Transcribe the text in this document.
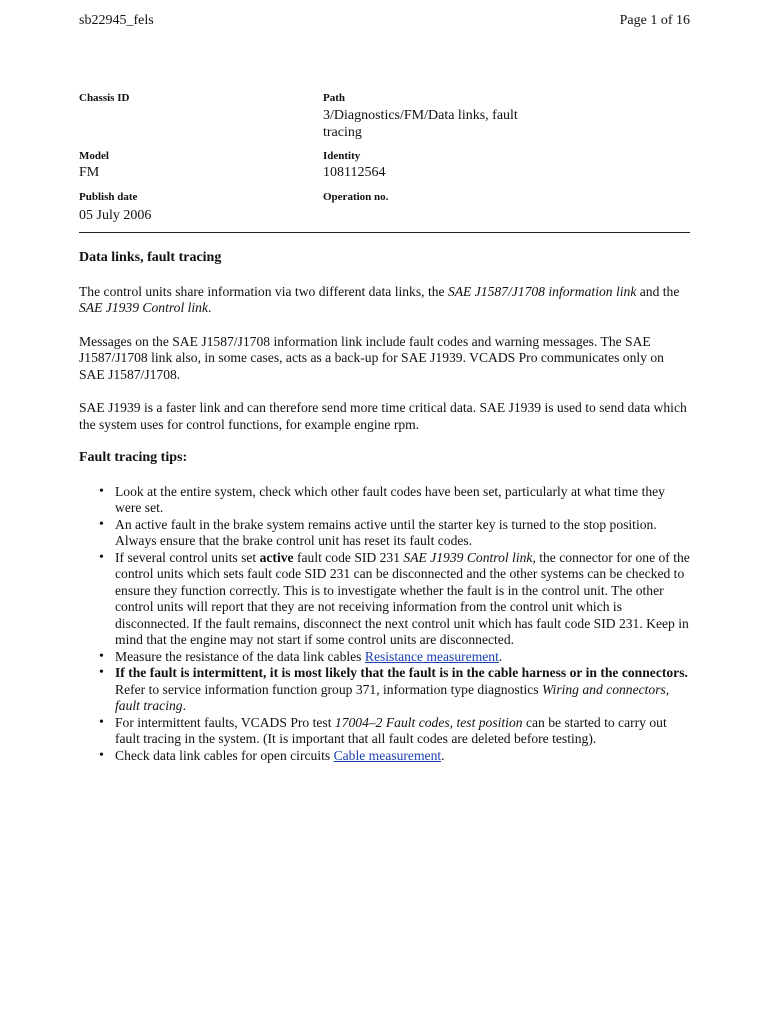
sb22945_fels	Page 1 of 16
Chassis ID	Path
3/Diagnostics/FM/Data links, fault tracing
Model
FM
Identity
108112564
Publish date
05 July 2006
Operation no.
Data links, fault tracing

The control units share information via two different data links, the SAE J1587/J1708 information link and the SAE J1939 Control link.

Messages on the SAE J1587/J1708 information link include fault codes and warning messages. The SAE J1587/J1708 link also, in some cases, acts as a back-up for SAE J1939. VCADS Pro communicates only on SAE J1587/J1708.

SAE J1939 is a faster link and can therefore send more time critical data. SAE J1939 is used to send data which the system uses for control functions, for example engine rpm.

Fault tracing tips:
• Look at the entire system, check which other fault codes have been set, particularly at what time they were set.
• An active fault in the brake system remains active until the starter key is turned to the stop position. Always ensure that the brake control unit has reset its fault codes.
• If several control units set active fault code SID 231 SAE J1939 Control link, the connector for one of the control units which sets fault code SID 231 can be disconnected and the other systems can be checked to ensure they function correctly. This is to investigate whether the fault is in the control unit. The other control units will report that they are not receiving information from the control unit which is disconnected. If the fault remains, disconnect the next control unit which has fault code SID 231. Keep in mind that the engine may not start if some control units are disconnected.
• Measure the resistance of the data link cables Resistance measurement.
• If the fault is intermittent, it is most likely that the fault is in the cable harness or in the connectors. Refer to service information function group 371, information type diagnostics Wiring and connectors, fault tracing.
• For intermittent faults, VCADS Pro test 17004–2 Fault codes, test position can be started to carry out fault tracing in the system. (It is important that all fault codes are deleted before testing).
• Check data link cables for open circuits Cable measurement.
